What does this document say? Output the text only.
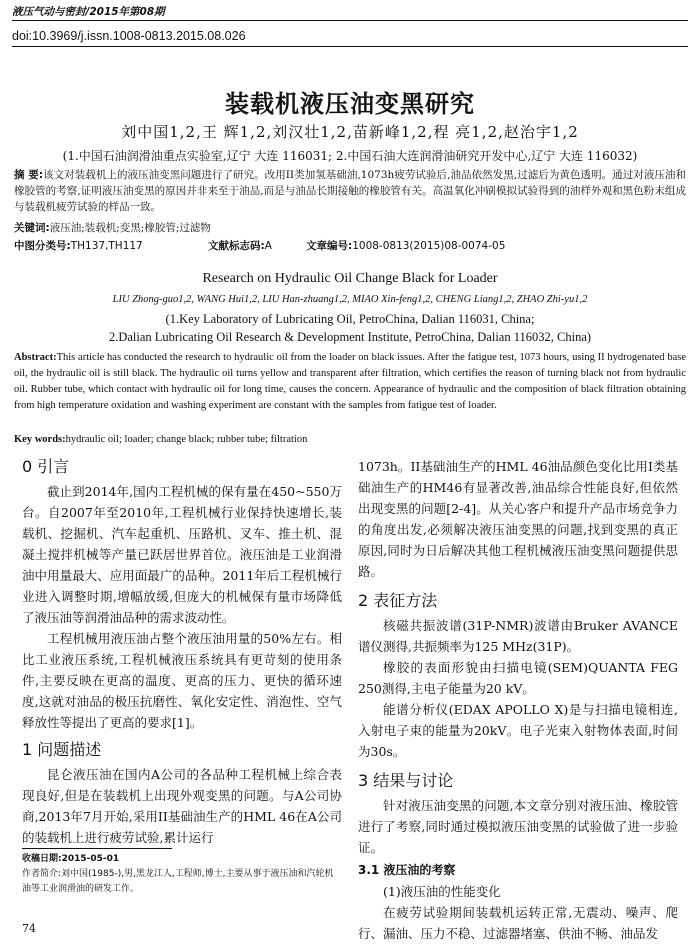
液压气动与密封/2015年第08期
doi:10.3969/j.issn.1008-0813.2015.08.026
装载机液压油变黑研究
刘中国1,2,王 辉1,2,刘汉壮1,2,苗新峰1,2,程 亮1,2,赵治宇1,2
(1.中国石油润滑油重点实验室,辽宁 大连 116031; 2.中国石油大连润滑油研究开发中心,辽宁 大连 116032)
摘 要:该文对装载机上的液压油变黑问题进行了研究。改用II类加氢基础油,1073h疲劳试验后,油品依然发黑,过滤后为黄色透明。通过对液压油和橡胶管的考察,证明液压油变黑的原因并非来至于油品,而是与油品长期接触的橡胶管有关。高温氧化冲刷模拟试验得到的油样外观和黑色粉末组成与装载机疲劳试验的样品一致。
关键词:液压油;装载机;变黑;橡胶管;过滤物
中图分类号:TH137,TH117	文献标志码:A	文章编号:1008-0813(2015)08-0074-05
Research on Hydraulic Oil Change Black for Loader
LIU Zhong-guo1,2, WANG Hui1,2, LIU Han-zhuang1,2, MIAO Xin-feng1,2, CHENG Liang1,2, ZHAO Zhi-yu1,2
(1.Key Laboratory of Lubricating Oil, PetroChina, Dalian 116031, China;
2.Dalian Lubricating Oil Research & Development Institute, PetroChina, Dalian 116032, China)
Abstract:This article has conducted the research to hydraulic oil from the loader on black issues. After the fatigue test, 1073 hours, using II hydrogenated base oil, the hydraulic oil is still black. The hydraulic oil turns yellow and transparent after filtration, which certifies the reason of turning black not from hydraulic oil. Rubber tube, which contact with hydraulic oil for long time, causes the concern. Appearance of hydraulic and the composition of black filtration obtaining from high temperature oxidation and washing experiment are constant with the samples from fatigue test of loader.
Key words:hydraulic oil; loader; change black; rubber tube; filtration
0 引言

截止到2014年,国内工程机械的保有量在450~550万台。自2007年至2010年,工程机械行业保持快速增长,装载机、挖掘机、汽车起重机、压路机、叉车、推土机、混凝土搅拌机械等产量已跃居世界首位。液压油是工业润滑油中用量最大、应用面最广的品种。2011年后工程机械行业进入调整时期,增幅放缓,但庞大的机械保有量市场降低了液压油等润滑油品种的需求波动性。

工程机械用液压油占整个液压油用量的50%左右。相比工业液压系统,工程机械液压系统具有更苛刻的使用条件,主要反映在更高的温度、更高的压力、更快的循环速度,这就对油品的极压抗磨性、氧化安定性、消泡性、空气释放性等提出了更高的要求[1]。

1 问题描述

昆仑液压油在国内A公司的各品种工程机械上综合表现良好,但是在装载机上出现外观变黑的问题。与A公司协商,2013年7月开始,采用II基础油生产的HML 46在A公司的装载机上进行疲劳试验,累计运行

收稿日期:2015-05-01
作者简介:刘中国(1985-),男,黑龙江人,工程师,博士,主要从事于液压油和汽轮机油等工业润滑油的研发工作。
74

1073h。II基础油生产的HML 46油品颜色变化比用I类基础油生产的HM46有显著改善,油品综合性能良好,但依然出现变黑的问题[2-4]。从关心客户和提升产品市场竞争力的角度出发,必须解决液压油变黑的问题,找到变黑的真正原因,同时为日后解决其他工程机械液压油变黑问题提供思路。

2 表征方法

核磁共振波谱(31P-NMR)波谱由Bruker AVANCE谱仪测得,共振频率为125 MHz(31P)。

橡胶的表面形貌由扫描电镜(SEM)QUANTA FEG 250测得,主电子能量为20 kV。

能谱分析仪(EDAX APOLLO X)是与扫描电镜相连,入射电子束的能量为20kV。电子光束入射物体表面,时间为30s。

3 结果与讨论

针对液压油变黑的问题,本文章分别对液压油、橡胶管进行了考察,同时通过模拟液压油变黑的试验做了进一步验证。

3.1 液压油的考察

(1)液压油的性能变化

在疲劳试验期间装载机运转正常,无震动、噪声、爬行、漏油、压力不稳、过滤器堵塞、供油不畅、油品发
